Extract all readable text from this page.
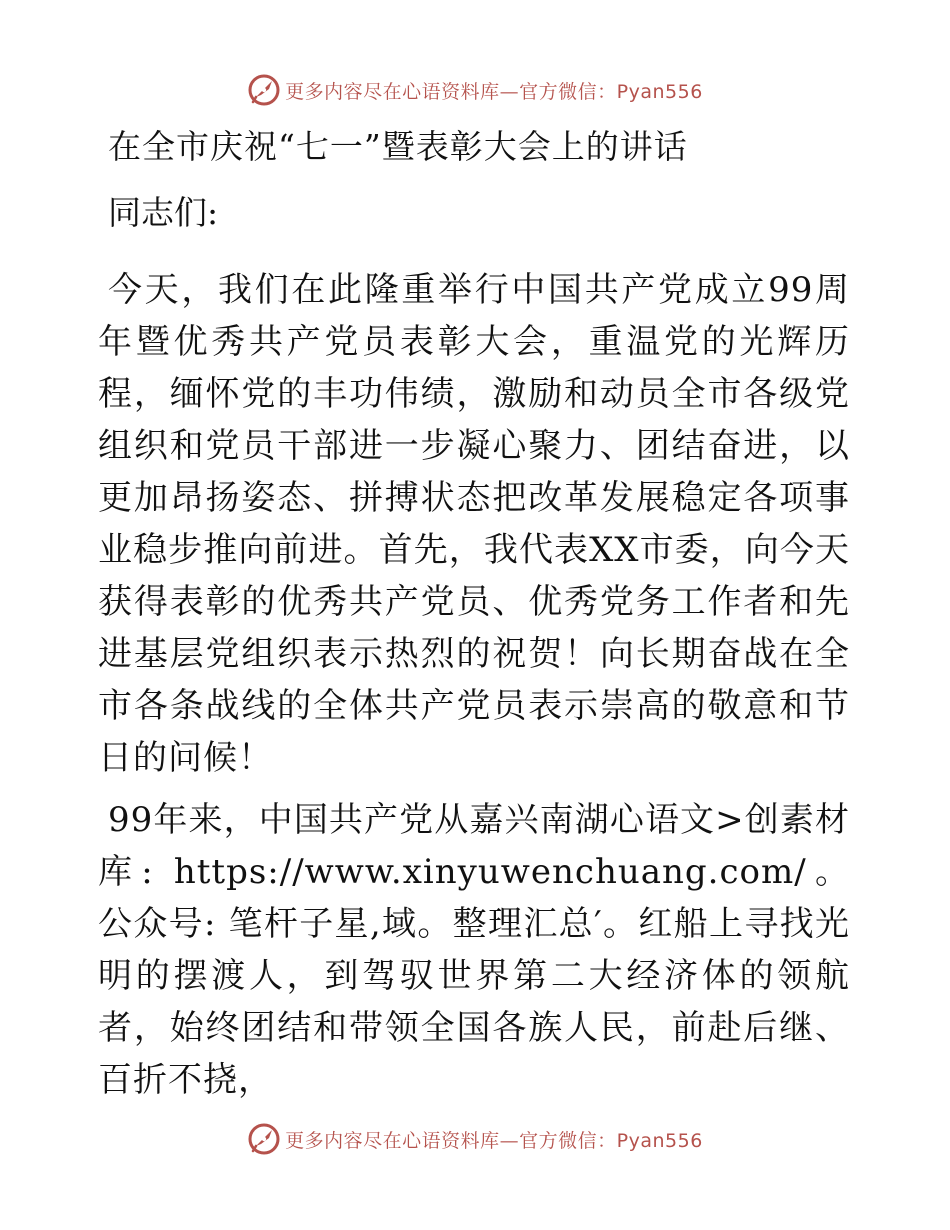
更多内容尽在心语资料库—官方微信：Pyan556
在全市庆祝“七一”暨表彰大会上的讲话

同志们:

今天，我们在此隆重举行中国共产党成立99周年暨优秀共产党员表彰大会，重温党的光辉历程，缅怀党的丰功伟绩，激励和动员全市各级党组织和党员干部进一步凝心聚力、团结奋进，以更加昂扬姿态、拼搏状态把改革发展稳定各项事业稳步推向前进。首先，我代表XX市委，向今天获得表彰的优秀共产党员、优秀党务工作者和先进基层党组织表示热烈的祝贺！向长期奋战在全市各条战线的全体共产党员表示崇高的敬意和节日的问候！

99年来，中国共产党从嘉兴南湖心语文>创素材库: https://www.xinyuwenchuang.com/。公众号: 笔杆子星,域。整理汇总′。红船上寻找光明的摆渡人，到驾驭世界第二大经济体的领航者，始终团结和带领全国各族人民，前赴后继、百折不挠，

更多内容尽在心语资料库—官方微信：Pyan556
